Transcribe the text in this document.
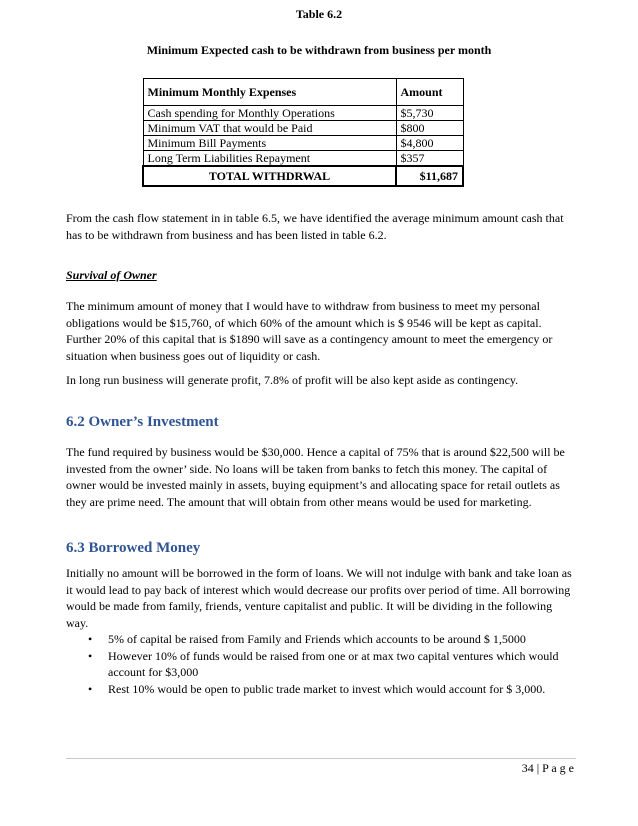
Table 6.2
Minimum Expected cash to be withdrawn from business per month
Minimum Monthly Expenses	Amount
Cash spending for Monthly Operations	$5,730
Minimum VAT that would be Paid	$800
Minimum Bill Payments	$4,800
Long Term Liabilities Repayment	$357
TOTAL WITHDRWAL	$11,687
From the cash flow statement in in table 6.5, we have identified the average minimum amount cash that has to be withdrawn from business and has been listed in table 6.2.
Survival of Owner
The minimum amount of money that I would have to withdraw from business to meet my personal obligations would be $15,760, of which 60% of the amount which is $ 9546 will be kept as capital. Further 20% of this capital that is $1890 will save as a contingency amount to meet the emergency or situation when business goes out of liquidity or cash.
In long run business will generate profit, 7.8% of profit will be also kept aside as contingency.
6.2 Owner’s Investment
The fund required by business would be $30,000. Hence a capital of 75% that is around $22,500 will be invested from the owner’ side. No loans will be taken from banks to fetch this money. The capital of owner would be invested mainly in assets, buying equipment’s and allocating space for retail outlets as they are prime need. The amount that will obtain from other means would be used for marketing.
6.3 Borrowed Money
Initially no amount will be borrowed in the form of loans. We will not indulge with bank and take loan as it would lead to pay back of interest which would decrease our profits over period of time. All borrowing would be made from family, friends, venture capitalist and public. It will be dividing in the following way.
• 5% of capital be raised from Family and Friends which accounts to be around $ 1,5000
• However 10% of funds would be raised from one or at max two capital ventures which would account for $3,000
• Rest 10% would be open to public trade market to invest which would account for $ 3,000.
34 | P a g e
